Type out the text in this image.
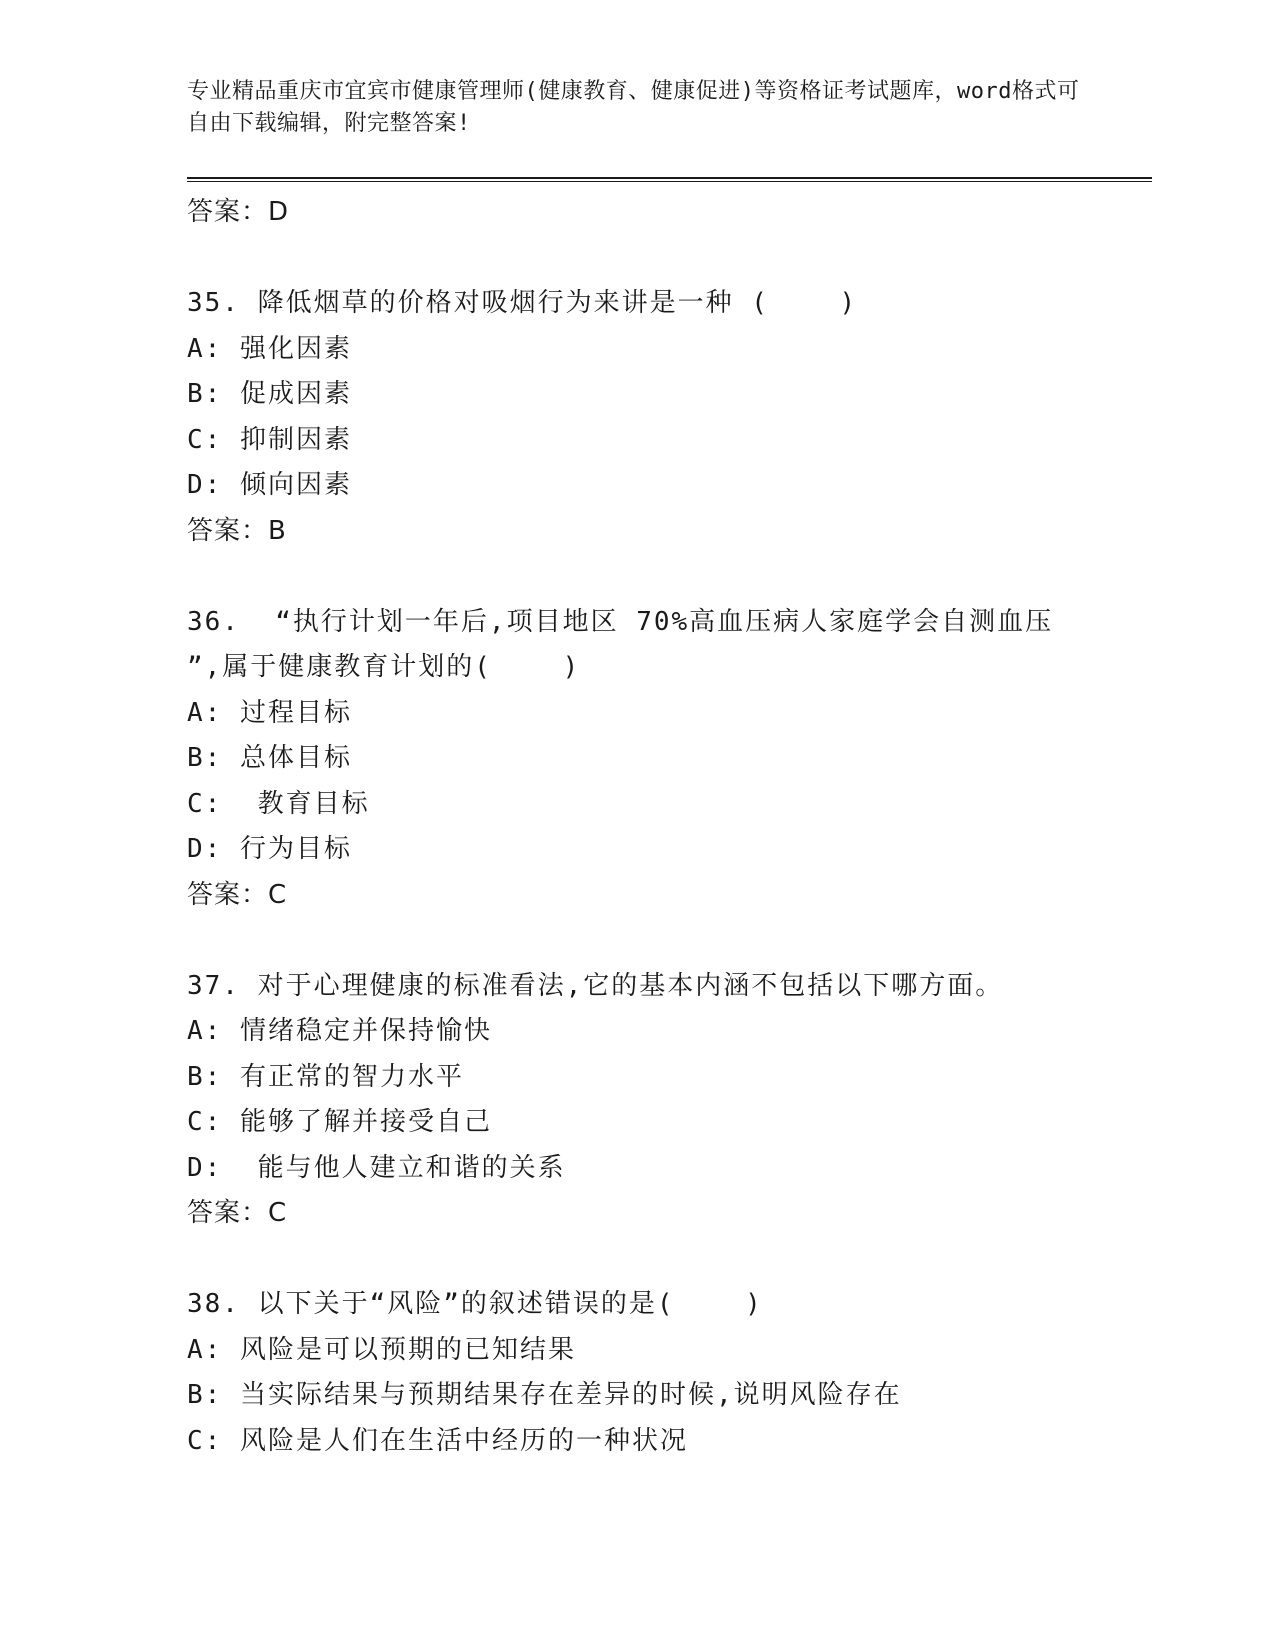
专业精品重庆市宜宾市健康管理师(健康教育、健康促进)等资格证考试题库，word格式可自由下载编辑，附完整答案!
答案：D
35. 降低烟草的价格对吸烟行为来讲是一种 (    )
A: 强化因素
B: 促成因素
C: 抑制因素
D: 倾向因素
答案：B
36.  “执行计划一年后,项目地区 70%高血压病人家庭学会自测血压
”,属于健康教育计划的(    )
A: 过程目标
B: 总体目标
C:  教育目标
D: 行为目标
答案：C
37. 对于心理健康的标准看法,它的基本内涵不包括以下哪方面。
A: 情绪稳定并保持愉快
B: 有正常的智力水平
C: 能够了解并接受自己
D:  能与他人建立和谐的关系
答案：C
38. 以下关于“风险”的叙述错误的是(    )
A: 风险是可以预期的已知结果
B: 当实际结果与预期结果存在差异的时候,说明风险存在
C: 风险是人们在生活中经历的一种状况
